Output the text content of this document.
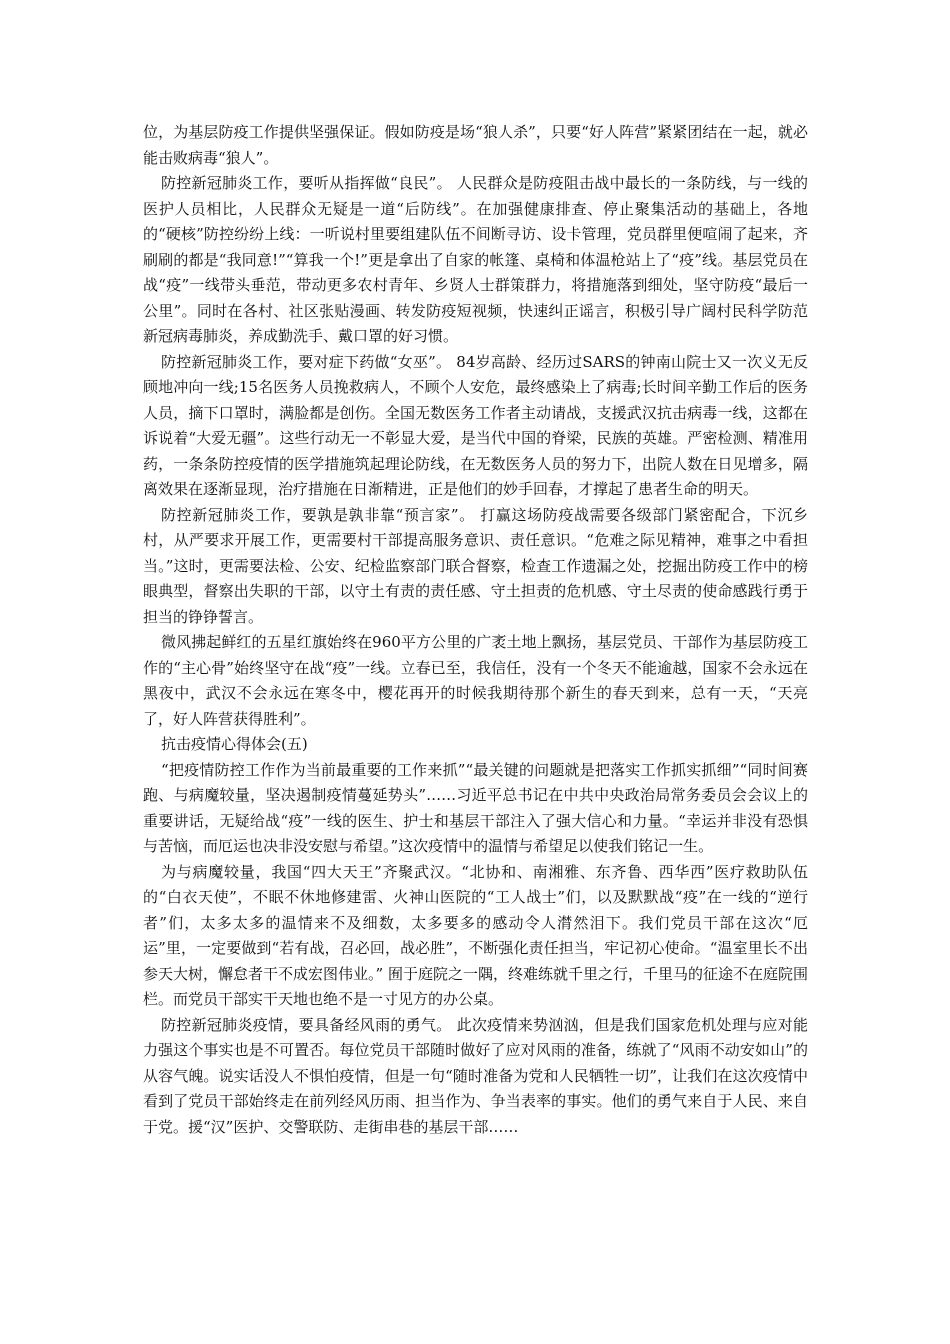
位，为基层防疫工作提供坚强保证。假如防疫是场“狼人杀”，只要“好人阵营”紧紧团结在一起，就必能击败病毒“狼人”。

防控新冠肺炎工作，要听从指挥做“良民”。 人民群众是防疫阻击战中最长的一条防线，与一线的医护人员相比，人民群众无疑是一道“后防线”。在加强健康排查、停止聚集活动的基础上，各地的“硬核”防控纷纷上线：一听说村里要组建队伍不间断寻访、设卡管理，党员群里便喧闹了起来，齐刷刷的都是“我同意!”“算我一个!”更是拿出了自家的帐篷、桌椅和体温枪站上了“疫”线。基层党员在战“疫”一线带头垂范，带动更多农村青年、乡贤人士群策群力，将措施落到细处，坚守防疫“最后一公里”。同时在各村、社区张贴漫画、转发防疫短视频，快速纠正谣言，积极引导广阔村民科学防范新冠病毒肺炎，养成勤洗手、戴口罩的好习惯。

防控新冠肺炎工作，要对症下药做“女巫”。 84岁高龄、经历过SARS的钟南山院士又一次义无反顾地冲向一线;15名医务人员挽救病人，不顾个人安危，最终感染上了病毒;长时间辛勤工作后的医务人员，摘下口罩时，满脸都是创伤。全国无数医务工作者主动请战，支援武汉抗击病毒一线，这都在诉说着“大爱无疆”。这些行动无一不彰显大爱，是当代中国的脊梁，民族的英雄。严密检测、精准用药，一条条防控疫情的医学措施筑起理论防线，在无数医务人员的努力下，出院人数在日见增多，隔离效果在逐渐显现，治疗措施在日渐精进，正是他们的妙手回春，才撑起了患者生命的明天。

防控新冠肺炎工作，要孰是孰非靠“预言家”。 打赢这场防疫战需要各级部门紧密配合，下沉乡村，从严要求开展工作，更需要村干部提高服务意识、责任意识。“危难之际见精神，难事之中看担当。”这时，更需要法检、公安、纪检监察部门联合督察，检查工作遗漏之处，挖掘出防疫工作中的榜眼典型，督察出失职的干部，以守土有责的责任感、守土担责的危机感、守土尽责的使命感践行勇于担当的铮铮誓言。

微风拂起鲜红的五星红旗始终在960平方公里的广袤土地上飘扬，基层党员、干部作为基层防疫工作的“主心骨”始终坚守在战“疫”一线。立春已至，我信任，没有一个冬天不能逾越，国家不会永远在黑夜中，武汉不会永远在寒冬中，樱花再开的时候我期待那个新生的春天到来，总有一天，“天亮了，好人阵营获得胜利”。

抗击疫情心得体会(五)

“把疫情防控工作作为当前最重要的工作来抓”“最关键的问题就是把落实工作抓实抓细”“同时间赛跑、与病魔较量，坚决遏制疫情蔓延势头”……习近平总书记在中共中央政治局常务委员会会议上的重要讲话，无疑给战“疫”一线的医生、护士和基层干部注入了强大信心和力量。“幸运并非没有恐惧与苦恼，而厄运也决非没安慰与希望。”这次疫情中的温情与希望足以使我们铭记一生。

为与病魔较量，我国“四大天王”齐聚武汉。“北协和、南湘雅、东齐鲁、西华西”医疗救助队伍的“白衣天使”，不眠不休地修建雷、火神山医院的“工人战士”们，以及默默战“疫”在一线的“逆行者”们，太多太多的温情来不及细数，太多要多的感动令人潸然泪下。我们党员干部在这次“厄运”里，一定要做到“若有战，召必回，战必胜”，不断强化责任担当，牢记初心使命。“温室里长不出参天大树，懈怠者干不成宏图伟业。” 囿于庭院之一隅，终难练就千里之行，千里马的征途不在庭院围栏。而党员干部实干天地也绝不是一寸见方的办公桌。

防控新冠肺炎疫情，要具备经风雨的勇气。 此次疫情来势汹汹，但是我们国家危机处理与应对能力强这个事实也是不可置否。每位党员干部随时做好了应对风雨的准备，练就了“风雨不动安如山”的从容气魄。说实话没人不惧怕疫情，但是一句“随时准备为党和人民牺牲一切”，让我们在这次疫情中看到了党员干部始终走在前列经风历雨、担当作为、争当表率的事实。他们的勇气来自于人民、来自于党。援“汉”医护、交警联防、走街串巷的基层干部……
